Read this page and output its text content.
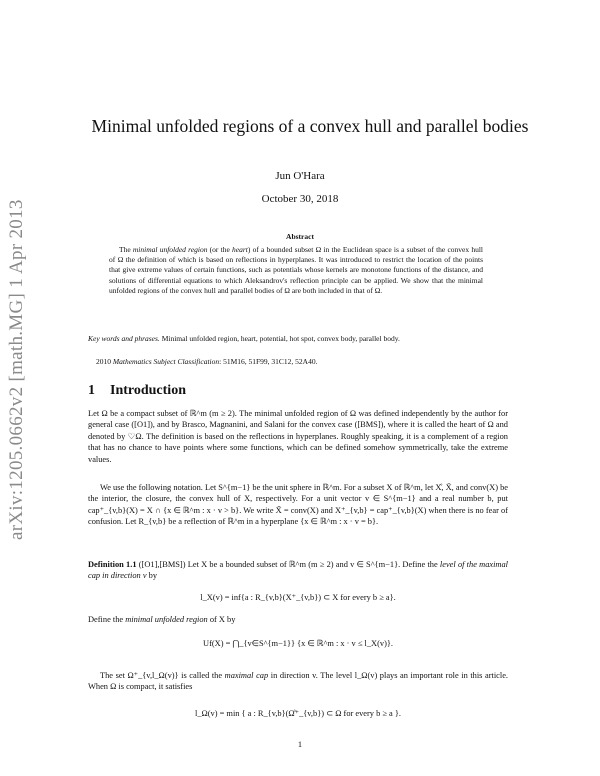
arXiv:1205.0662v2 [math.MG] 1 Apr 2013
Minimal unfolded regions of a convex hull and parallel bodies
Jun O'Hara
October 30, 2018
Abstract
The minimal unfolded region (or the heart) of a bounded subset Ω in the Euclidean space is a subset of the convex hull of Ω the definition of which is based on reflections in hyperplanes. It was introduced to restrict the location of the points that give extreme values of certain functions, such as potentials whose kernels are monotone functions of the distance, and solutions of differential equations to which Aleksandrov's reflection principle can be applied. We show that the minimal unfolded regions of the convex hull and parallel bodies of Ω are both included in that of Ω.
Key words and phrases. Minimal unfolded region, heart, potential, hot spot, convex body, parallel body.
2010 Mathematics Subject Classification: 51M16, 51F99, 31C12, 52A40.
1 Introduction
Let Ω be a compact subset of ℝ^m (m ≥ 2). The minimal unfolded region of Ω was defined independently by the author for general case ([O1]), and by Brasco, Magnanini, and Salani for the convex case ([BMS]), where it is called the heart of Ω and denoted by ♡Ω. The definition is based on the reflections in hyperplanes. Roughly speaking, it is a complement of a region that has no chance to have points where some functions, which can be defined somehow symmetrically, take the extreme values.
We use the following notation. Let S^{m−1} be the unit sphere in ℝ^m. For a subset X of ℝ^m, let X̊, X̄, and conv(X) be the interior, the closure, the convex hull of X, respectively. For a unit vector v ∈ S^{m−1} and a real number b, put cap⁺_{v,b}(X) = X ∩ {x ∈ ℝ^m : x · v > b}. We write X̃ = conv(X) and X⁺_{v,b} = cap⁺_{v,b}(X) when there is no fear of confusion. Let R_{v,b} be a reflection of ℝ^m in a hyperplane {x ∈ ℝ^m : x · v = b}.
Definition 1.1 ([O1],[BMS]) Let X be a bounded subset of ℝ^m (m ≥ 2) and v ∈ S^{m−1}. Define the level of the maximal cap in direction v by
l_X(v) = inf{a : R_{v,b}(X⁺_{v,b}) ⊂ X for every b ≥ a}.
Define the minimal unfolded region of X by
Uf(X) = ⋂_{v∈S^{m−1}} {x ∈ ℝ^m : x · v ≤ l_X(v)}.
The set Ω⁺_{v,l_Ω(v)} is called the maximal cap in direction v. The level l_Ω(v) plays an important role in this article. When Ω is compact, it satisfies
l_Ω(v) = min { a : R_{v,b}(Ω̊⁺_{v,b}) ⊂ Ω for every b ≥ a }.
1
